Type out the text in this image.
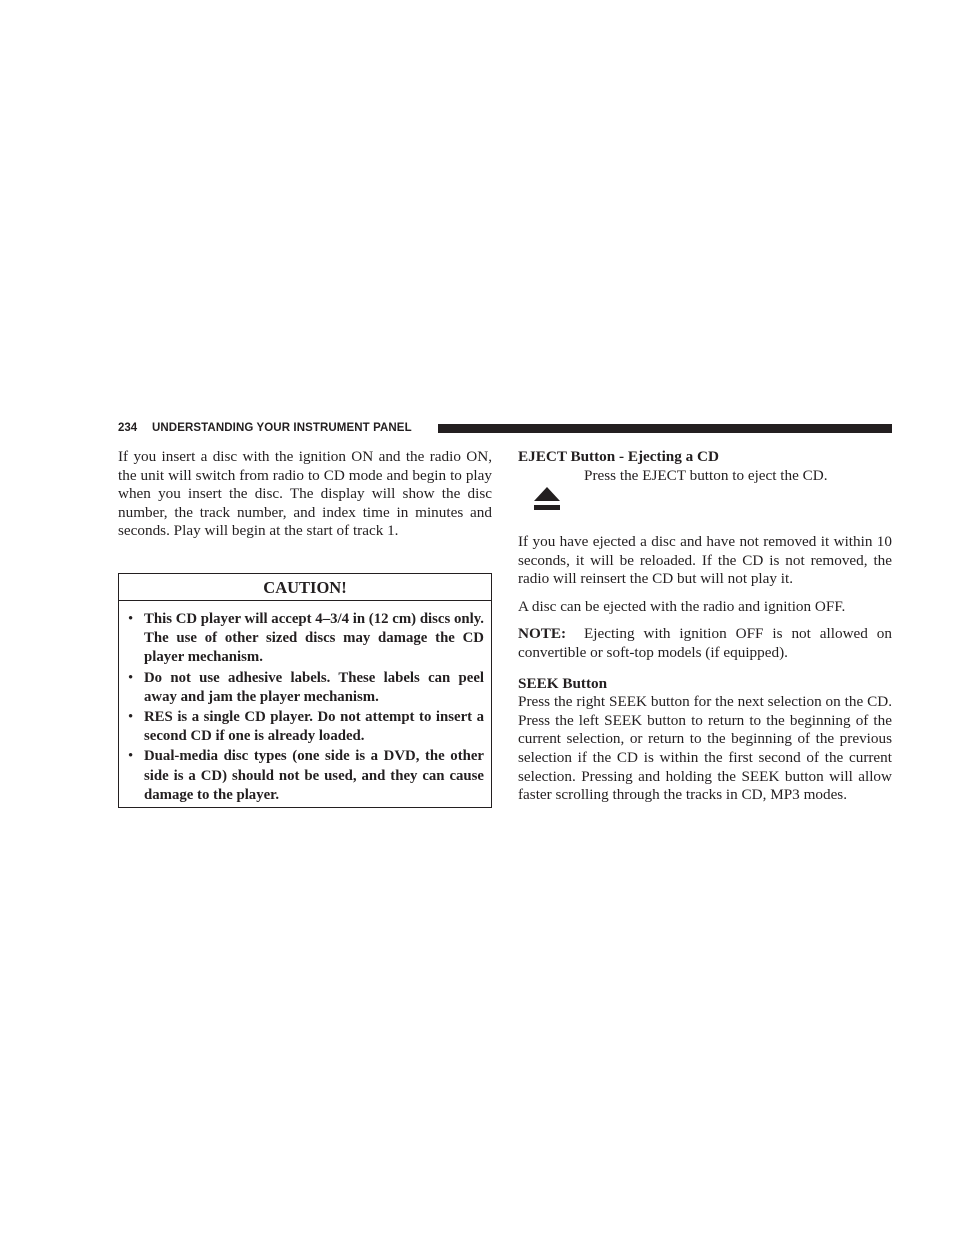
234 UNDERSTANDING YOUR INSTRUMENT PANEL

If you insert a disc with the ignition ON and the radio ON, the unit will switch from radio to CD mode and begin to play when you insert the disc. The display will show the disc number, the track number, and index time in minutes and seconds. Play will begin at the start of track 1.

CAUTION!
• This CD player will accept 4–3/4 in (12 cm) discs only. The use of other sized discs may damage the CD player mechanism.
• Do not use adhesive labels. These labels can peel away and jam the player mechanism.
• RES is a single CD player. Do not attempt to insert a second CD if one is already loaded.
• Dual-media disc types (one side is a DVD, the other side is a CD) should not be used, and they can cause damage to the player.
EJECT Button - Ejecting a CD
Press the EJECT button to eject the CD.

If you have ejected a disc and have not removed it within 10 seconds, it will be reloaded. If the CD is not removed, the radio will reinsert the CD but will not play it.

A disc can be ejected with the radio and ignition OFF.

NOTE: Ejecting with ignition OFF is not allowed on convertible or soft-top models (if equipped).

SEEK Button

Press the right SEEK button for the next selection on the CD. Press the left SEEK button to return to the beginning of the current selection, or return to the beginning of the previous selection if the CD is within the first second of the current selection. Pressing and holding the SEEK button will allow faster scrolling through the tracks in CD, MP3 modes.
